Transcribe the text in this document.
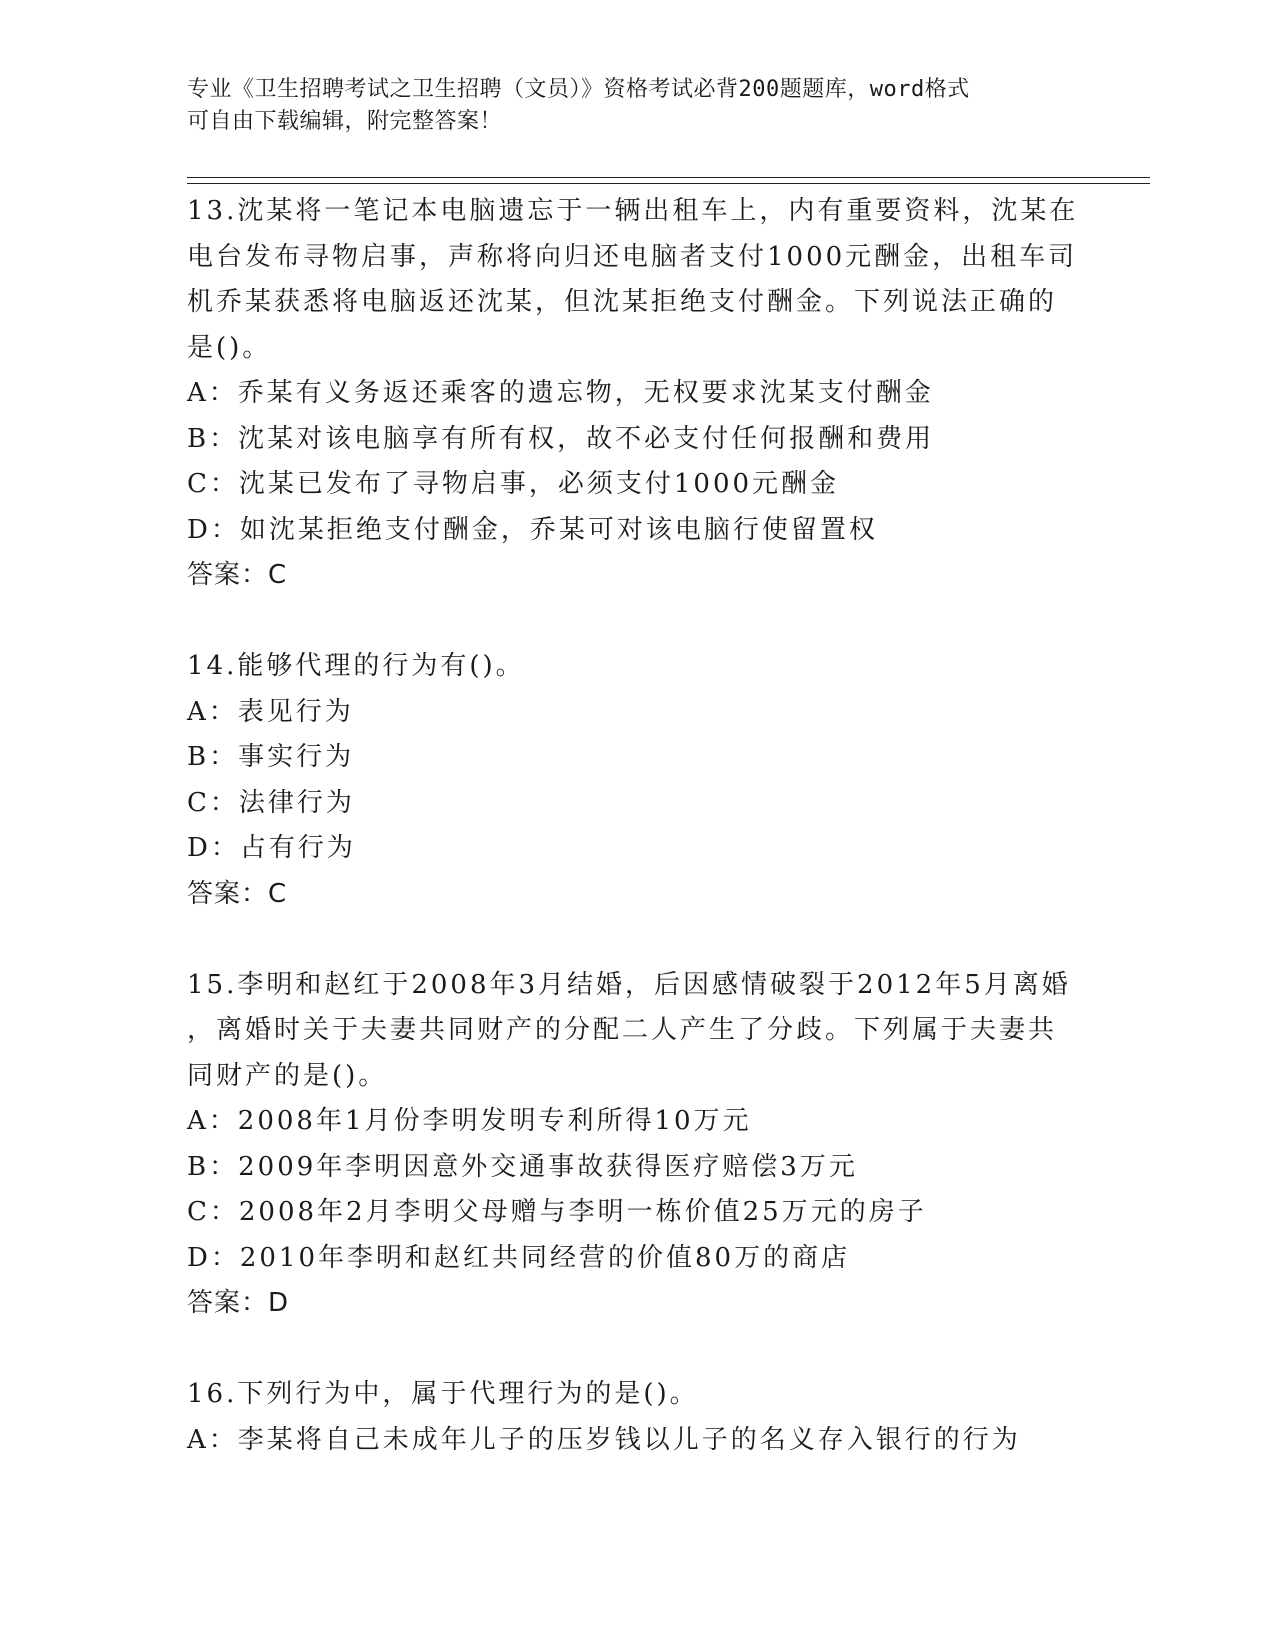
专业《卫生招聘考试之卫生招聘（文员）》资格考试必背200题题库，word格式
可自由下载编辑，附完整答案！
13.沈某将一笔记本电脑遗忘于一辆出租车上，内有重要资料，沈某在
电台发布寻物启事，声称将向归还电脑者支付1000元酬金，出租车司
机乔某获悉将电脑返还沈某，但沈某拒绝支付酬金。下列说法正确的
是()。
A：乔某有义务返还乘客的遗忘物，无权要求沈某支付酬金
B：沈某对该电脑享有所有权，故不必支付任何报酬和费用
C：沈某已发布了寻物启事，必须支付1000元酬金
D：如沈某拒绝支付酬金，乔某可对该电脑行使留置权
答案：C
14.能够代理的行为有()。
A：表见行为
B：事实行为
C：法律行为
D：占有行为
答案：C
15.李明和赵红于2008年3月结婚，后因感情破裂于2012年5月离婚
，离婚时关于夫妻共同财产的分配二人产生了分歧。下列属于夫妻共
同财产的是()。
A：2008年1月份李明发明专利所得10万元
B：2009年李明因意外交通事故获得医疗赔偿3万元
C：2008年2月李明父母赠与李明一栋价值25万元的房子
D：2010年李明和赵红共同经营的价值80万的商店
答案：D
16.下列行为中，属于代理行为的是()。
A：李某将自己未成年儿子的压岁钱以儿子的名义存入银行的行为
